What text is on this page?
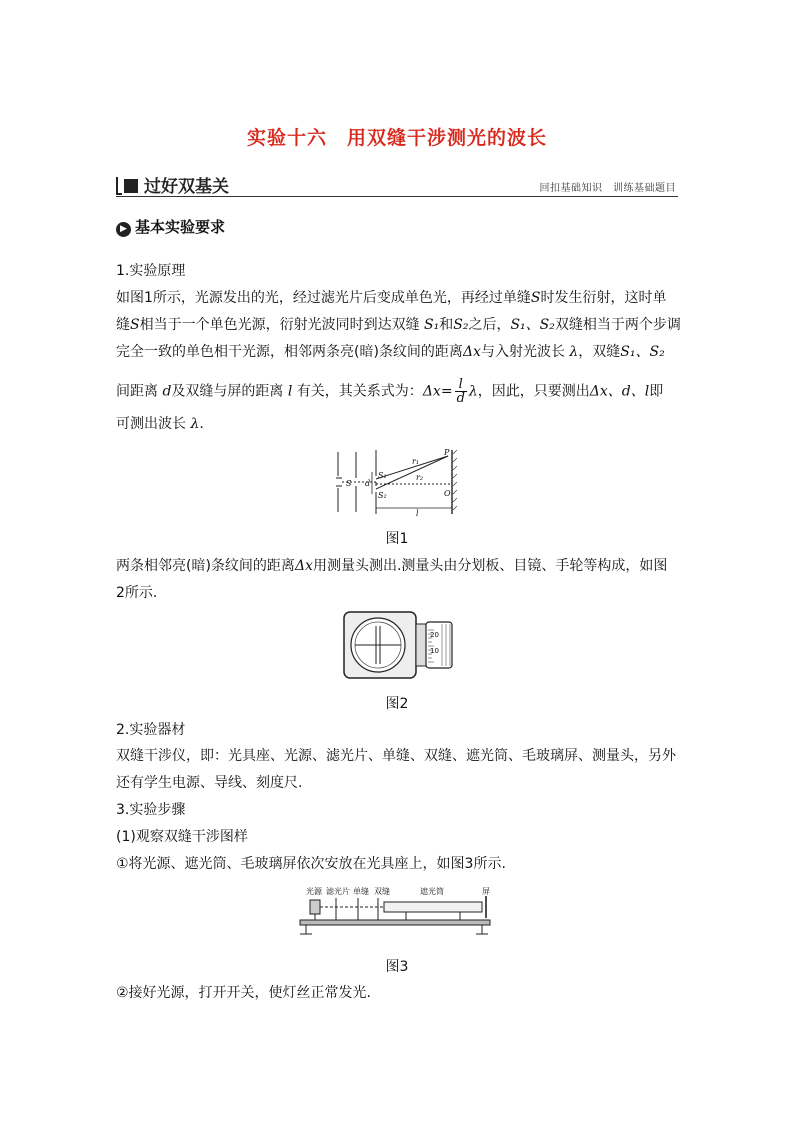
实验十六　用双缝干涉测光的波长
过好双基关	回扣基础知识　训练基础题目
▶ 基本实验要求
1.实验原理
如图1所示，光源发出的光，经过滤光片后变成单色光，再经过单缝S时发生衍射，这时单
缝S相当于一个单色光源，衍射光波同时到达双缝 S₁和S₂之后，S₁、S₂双缝相当于两个步调
完全一致的单色相干光源，相邻两条亮(暗)条纹间的距离Δx与入射光波长 λ，双缝S₁、S₂
间距离 d及双缝与屏的距离 l 有关，其关系式为：$\Delta x= \frac{l}{d}$ λ，因此，只要测出Δx、d、l即
可测出波长 λ.
S
S₁
d
S₂
P
r₁
r₂
O
l
图1
两条相邻亮(暗)条纹间的距离Δx用测量头测出.测量头由分划板、目镜、手轮等构成，如图
2所示.
20
10
图2
2.实验器材
双缝干涉仪，即：光具座、光源、滤光片、单缝、双缝、遮光筒、毛玻璃屏、测量头，另外
还有学生电源、导线、刻度尺.
3.实验步骤
(1)观察双缝干涉图样
①将光源、遮光筒、毛玻璃屏依次安放在光具座上，如图3所示.
光源 滤光片 单缝 双缝	遮光筒	屏
图3
②接好光源，打开开关，使灯丝正常发光.
